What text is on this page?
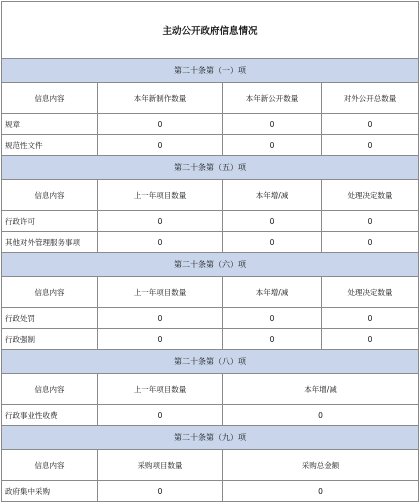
主动公开政府信息情况			
第二十条第（一）项			
信息内容	本年新制作数量	本年新公开数量	对外公开总数量
规章	0	0	0
规范性文件	0	0	0
第二十条第（五）项			
信息内容	上一年项目数量	本年增/减	处理决定数量
行政许可	0	0	0
其他对外管理服务事项	0	0	0
第二十条第（六）项			
信息内容	上一年项目数量	本年增/减	处理决定数量
行政处罚	0	0	0
行政强制	0	0	0
第二十条第（八）项			
信息内容	上一年项目数量	本年增/减	
行政事业性收费	0	0	
第二十条第（九）项			
信息内容	采购项目数量	采购总金额	
政府集中采购	0	0	
